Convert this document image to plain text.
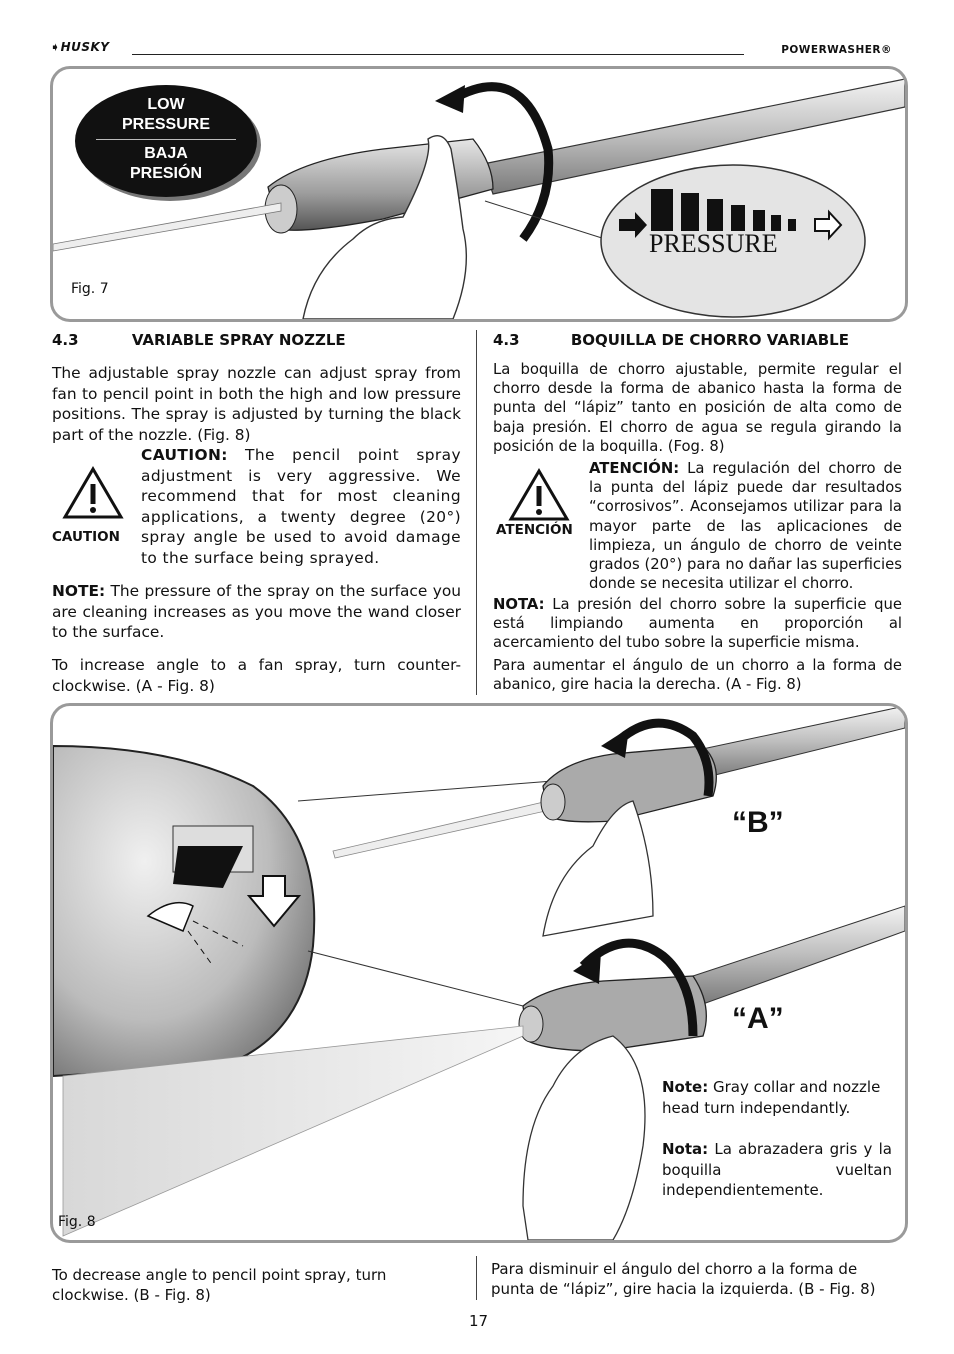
➧HUSKY	POWERWASHER®
PRESSURE
LOW
PRESSURE
BAJA
PRESIÓN
Fig. 7
4.3	VARIABLE SPRAY NOZZLE
The adjustable spray nozzle can adjust spray from fan to pencil point in both the high and low pressure positions. The spray is adjusted by turning the black part of the nozzle. (Fig. 8)
CAUTION
CAUTION: The pencil point spray adjustment is very aggressive. We recommend that for most cleaning applications, a twenty degree (20°) spray angle be used to avoid damage to the surface being sprayed.
NOTE: The pressure of the spray on the surface you are cleaning increases as you move the wand closer to the surface.
To increase angle to a fan spray, turn counter-clockwise. (A - Fig. 8)
4.3	BOQUILLA DE CHORRO VARIABLE
La boquilla de chorro ajustable, permite regular el chorro desde la forma de abanico hasta la forma de punta del “lápiz” tanto en posición de alta como de baja presión. El chorro de agua se regula girando la posición de la boquilla. (Fog. 8)
ATENCIÓN
ATENCIÓN: La regulación del chorro de la punta del lápiz puede dar resultados “corrosivos”. Aconsejamos utilizar para la mayor parte de las aplicaciones de limpieza, un ángulo de chorro de veinte grados (20°) para no dañar las superficies donde se necesita utilizar el chorro.
NOTA: La presión del chorro sobre la superficie que está limpiando aumenta en proporción al acercamiento del tubo sobre la superficie misma.
Para aumentar el ángulo de un chorro a la forma de abanico, gire hacia la derecha. (A - Fig. 8)
“B”
“A”
Note: Gray collar and nozzle head turn independantly.
Nota: La abrazadera gris y la boquilla vueltan independientemente.
Fig. 8
To decrease angle to pencil point spray, turn clockwise. (B - Fig. 8)
Para disminuir el ángulo del chorro a la forma de punta de “lápiz”, gire hacia la izquierda. (B - Fig. 8)
17
